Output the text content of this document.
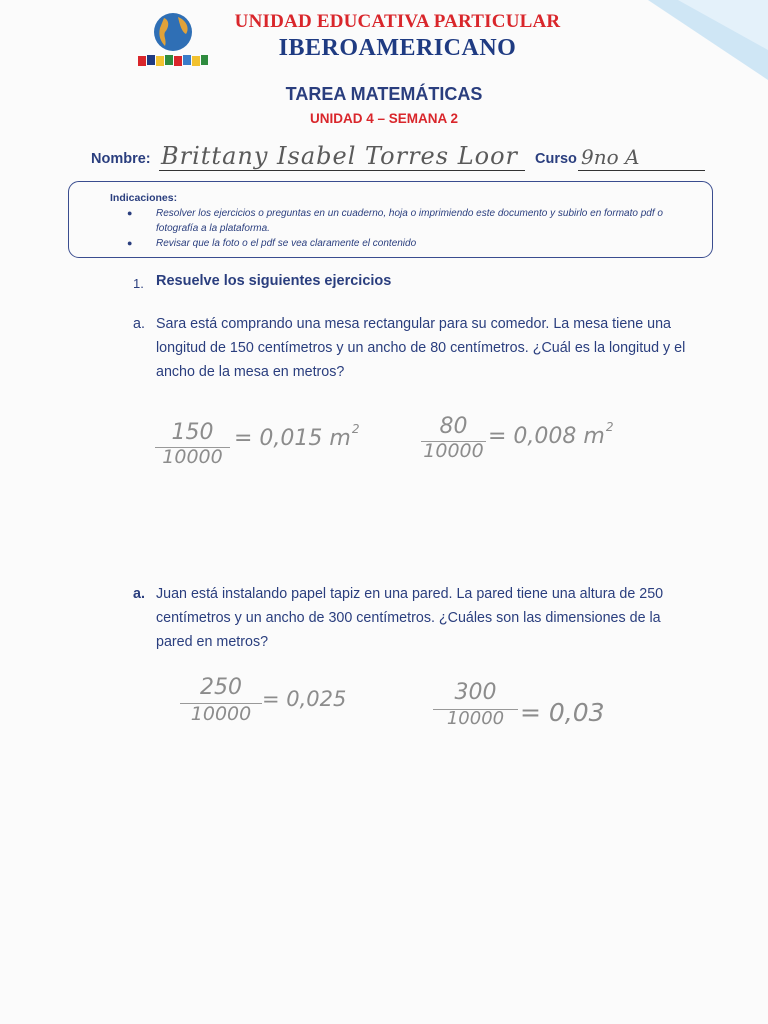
UNIDAD EDUCATIVA PARTICULAR
IBEROAMERICANO
TAREA MATEMÁTICAS
UNIDAD 4 – SEMANA 2
Nombre: Brittany Isabel Torres Loor Curso 9no A
Indicaciones:
● Resolver los ejercicios o preguntas en un cuaderno, hoja o imprimiendo este documento y subirlo en formato pdf o fotografía a la plataforma.
● Revisar que la foto o el pdf se vea claramente el contenido
1. Resuelve los siguientes ejercicios
a. Sara está comprando una mesa rectangular para su comedor. La mesa tiene una longitud de 150 centímetros y un ancho de 80 centímetros. ¿Cuál es la longitud y el ancho de la mesa en metros?
150
10000
= 0,015 $m^2$	80
10000
= 0,008 $m^2$
a. Juan está instalando papel tapiz en una pared. La pared tiene una altura de 250 centímetros y un ancho de 300 centímetros. ¿Cuáles son las dimensiones de la pared en metros?
250
10000
= 0,025	300
10000 = 0,03
